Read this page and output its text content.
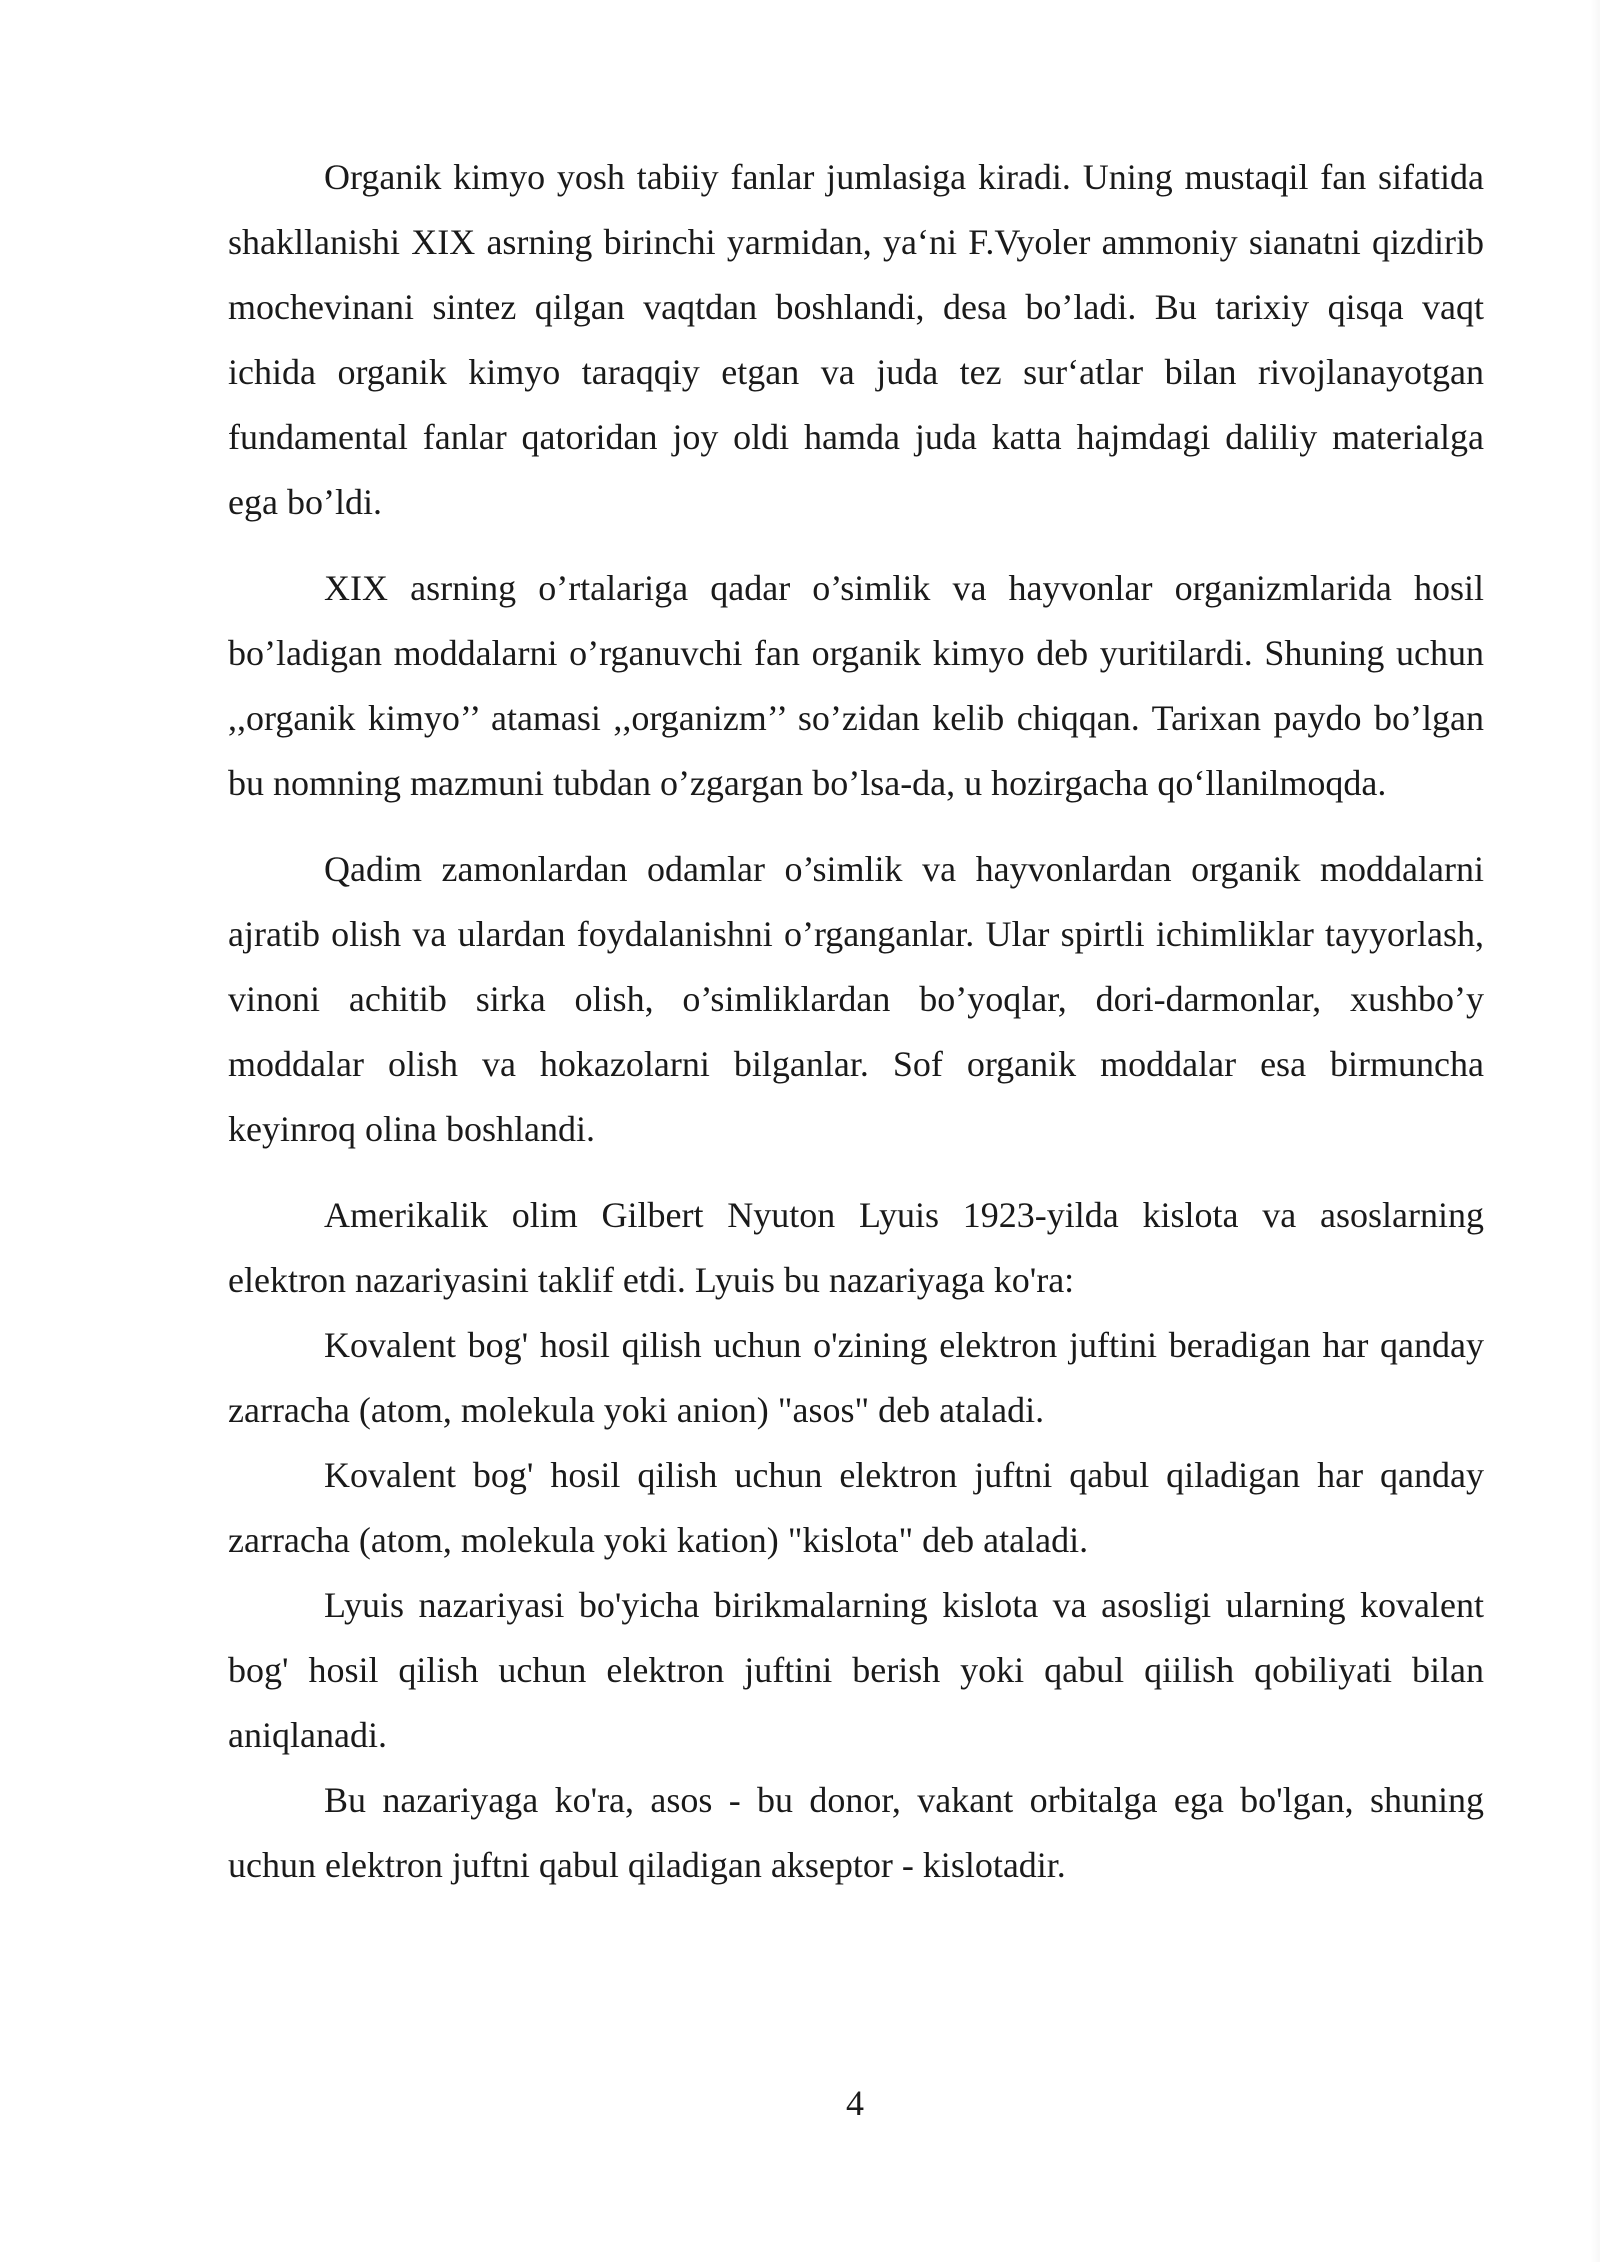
Organik kimyo yosh tabiiy fanlar jumlasiga kiradi. Uning mustaqil fan sifatida shakllanishi XIX asrning birinchi yarmidan, ya‘ni F.Vyoler ammoniy sianatni qizdirib mochevinani sintez qilgan vaqtdan boshlandi, desa bo’ladi. Bu tarixiy qisqa vaqt ichida organik kimyo taraqqiy etgan va juda tez sur‘atlar bilan rivojlanayotgan fundamental fanlar qatoridan joy oldi hamda juda katta hajmdagi daliliy materialga ega bo’ldi.

XIX asrning o’rtalariga qadar o’simlik va hayvonlar organizmlarida hosil bo’ladigan moddalarni o’rganuvchi fan organik kimyo deb yuritilardi. Shuning uchun ,,organik kimyo’’ atamasi ,,organizm’’ so’zidan kelib chiqqan. Tarixan paydo bo’lgan bu nomning mazmuni tubdan o’zgargan bo’lsa-da, u hozirgacha qo‘llanilmoqda.

Qadim zamonlardan odamlar o’simlik va hayvonlardan organik moddalarni ajratib olish va ulardan foydalanishni o’rganganlar. Ular spirtli ichimliklar tayyorlash, vinoni achitib sirka olish, o’simliklardan bo’yoqlar, dori-darmonlar, xushbo’y moddalar olish va hokazolarni bilganlar. Sof organik moddalar esa birmuncha keyinroq olina boshlandi.

Amerikalik olim Gilbert Nyuton Lyuis 1923-yilda kislota va asoslarning elektron nazariyasini taklif etdi. Lyuis bu nazariyaga ko'ra:

Kovalent bog' hosil qilish uchun o'zining elektron juftini beradigan har qanday zarracha (atom, molekula yoki anion) "asos" deb ataladi.

Kovalent bog' hosil qilish uchun elektron juftni qabul qiladigan har qanday zarracha (atom, molekula yoki kation) "kislota" deb ataladi.

Lyuis nazariyasi bo'yicha birikmalarning kislota va asosligi ularning kovalent bog' hosil qilish uchun elektron juftini berish yoki qabul qiilish qobiliyati bilan aniqlanadi.

Bu nazariyaga ko'ra, asos - bu donor, vakant orbitalga ega bo'lgan, shuning uchun elektron juftni qabul qiladigan akseptor - kislotadir.

4
